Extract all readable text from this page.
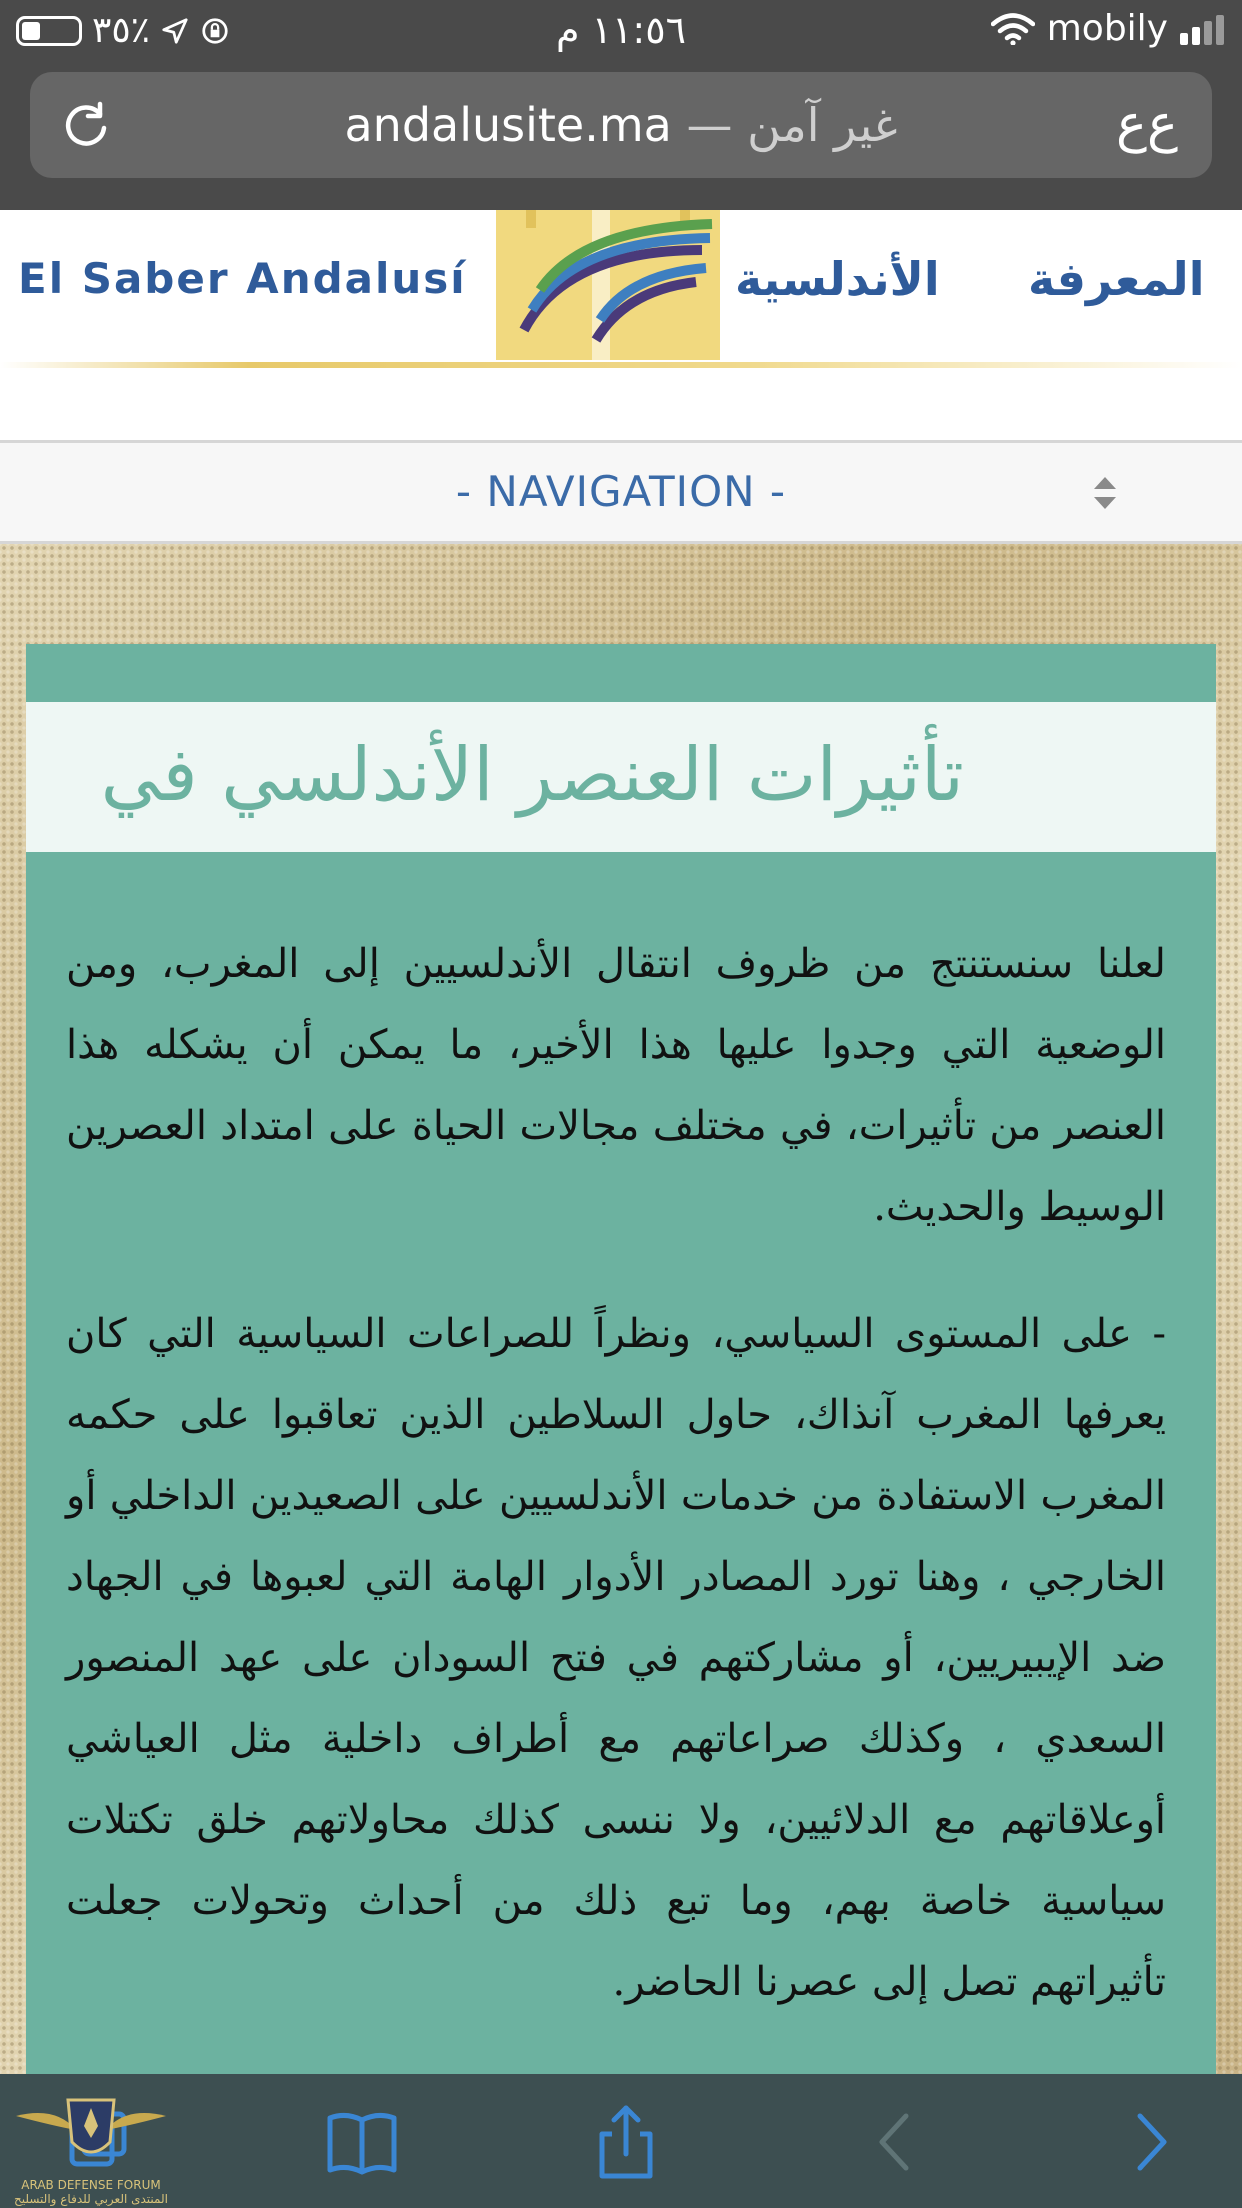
٣٥٪	١١:٥٦ م	mobily
andalusite.ma — غير آمن	ع‌ع
El Saber Andalusí	الأندلسية المعرفة
- NAVIGATION -
تأثيرات العنصر الأندلسي في
لعلنا سنستنتج من ظروف انتقال الأندلسيين إلى المغرب، ومن الوضعية التي وجدوا عليها هذا الأخير، ما يمكن أن يشكله هذا العنصر من تأثيرات، في مختلف مجالات الحياة على امتداد العصرين الوسيط والحديث.
- على المستوى السياسي، ونظراً للصراعات السياسية التي كان يعرفها المغرب آنذاك، حاول السلاطين الذين تعاقبوا على حكمه المغرب الاستفادة من خدمات الأندلسيين على الصعيدين الداخلي أو الخارجي ، وهنا تورد المصادر الأدوار الهامة التي لعبوها في الجهاد ضد الإيبيريين، أو مشاركتهم في فتح السودان على عهد المنصور السعدي ، وكذلك صراعاتهم مع أطراف داخلية مثل العياشي أوعلاقاتهم مع الدلائيين، ولا ننسى كذلك محاولاتهم خلق تكتلات سياسية خاصة بهم، وما تبع ذلك من أحداث وتحولات جعلت تأثيراتهم تصل إلى عصرنا الحاضر.
ARAB DEFENSE FORUM
المنتدى العربي للدفاع والتسليح
